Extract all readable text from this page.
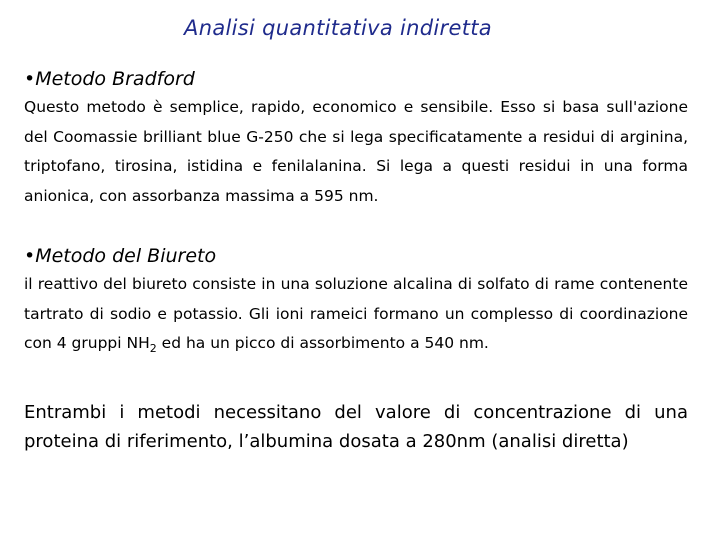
Analisi quantitativa indiretta
•Metodo Bradford

Questo metodo è semplice, rapido, economico e sensibile. Esso si basa sull'azione del Coomassie brilliant blue G-250 che si lega specificatamente a residui di arginina, triptofano, tirosina, istidina e fenilalanina. Si lega a questi residui in una forma anionica, con assorbanza massima a 595 nm.

•Metodo del Biureto

il reattivo del biureto consiste in una soluzione alcalina di solfato di rame contenente tartrato di sodio e potassio. Gli ioni rameici formano un complesso di coordinazione con 4 gruppi $NH_2$ ed ha un picco di assorbimento a 540 nm.

Entrambi i metodi necessitano del valore di concentrazione di una proteina di riferimento, l’albumina dosata a 280nm (analisi diretta)
